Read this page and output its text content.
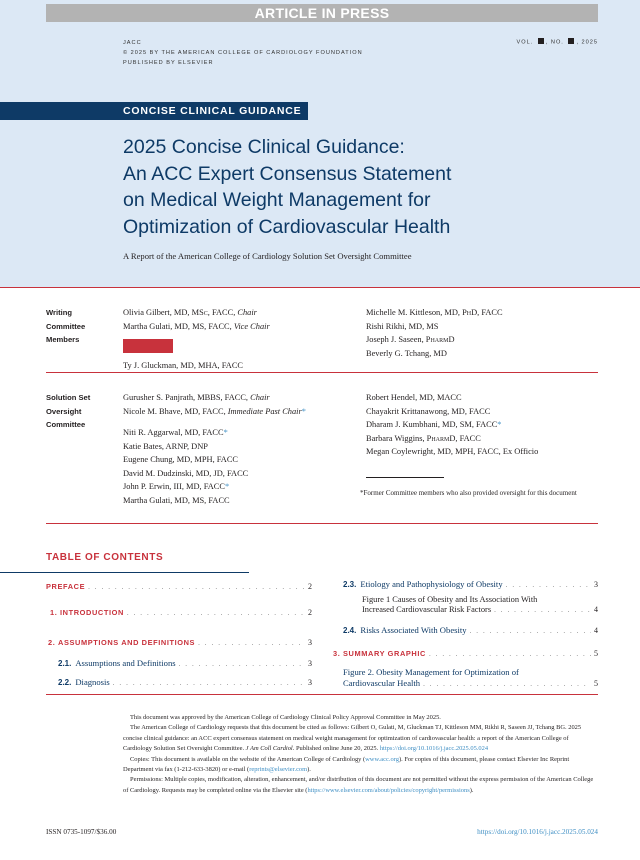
ARTICLE IN PRESS
JACC
© 2025 BY THE AMERICAN COLLEGE OF CARDIOLOGY FOUNDATION
PUBLISHED BY ELSEVIER
VOL. , NO. , 2025
CONCISE CLINICAL GUIDANCE
2025 Concise Clinical Guidance:
An ACC Expert Consensus Statement
on Medical Weight Management for
Optimization of Cardiovascular Health
A Report of the American College of Cardiology Solution Set Oversight Committee
Writing
Committee
Members
Olivia Gilbert, MD, MSc, FACC, Chair
Martha Gulati, MD, MS, FACC, Vice Chair
Ty J. Gluckman, MD, MHA, FACC
Michelle M. Kittleson, MD, PhD, FACC
Rishi Rikhi, MD, MS
Joseph J. Saseen, PharmD
Beverly G. Tchang, MD
Solution Set
Oversight
Committee
Gurusher S. Panjrath, MBBS, FACC, Chair
Nicole M. Bhave, MD, FACC, Immediate Past Chair*
Niti R. Aggarwal, MD, FACC*
Katie Bates, ARNP, DNP
Eugene Chung, MD, MPH, FACC
David M. Dudzinski, MD, JD, FACC
John P. Erwin, III, MD, FACC*
Martha Gulati, MD, MS, FACC
Robert Hendel, MD, MACC
Chayakrit Krittanawong, MD, FACC
Dharam J. Kumbhani, MD, SM, FACC*
Barbara Wiggins, PharmD, FACC
Megan Coylewright, MD, MPH, FACC, Ex Officio
*Former Committee members who also provided oversight for this document
TABLE OF CONTENTS
PREFACE . . .	2
1. INTRODUCTION . . .	2
2. ASSUMPTIONS AND DEFINITIONS . . .	3
2.1. Assumptions and Definitions . . .	3
2.2. Diagnosis . . .	3
2.3. Etiology and Pathophysiology of Obesity . . .	3
Figure 1 Causes of Obesity and Its Association With
Increased Cardiovascular Risk Factors . . .	4
2.4. Risks Associated With Obesity . . .	4
3. SUMMARY GRAPHIC . . .	5
Figure 2. Obesity Management for Optimization of
Cardiovascular Health . . .	5

This document was approved by the American College of Cardiology Clinical Policy Approval Committee in May 2025.

The American College of Cardiology requests that this document be cited as follows: Gilbert O, Gulati, M, Gluckman TJ, Kittleson MM, Rikhi R, Saseen JJ, Tchang BG. 2025 concise clinical guidance: an ACC expert consensus statement on medical weight management for optimization of cardiovascular health: a report of the American College of Cardiology Solution Set Oversight Committee. J Am Coll Cardiol. Published online June 20, 2025. https://doi.org/10.1016/j.jacc.2025.05.024

Copies: This document is available on the website of the American College of Cardiology (www.acc.org). For copies of this document, please contact Elsevier Inc Reprint Department via fax (1-212-633-3820) or e-mail (reprints@elsevier.com).

Permissions: Multiple copies, modification, alteration, enhancement, and/or distribution of this document are not permitted without the express permission of the American College of Cardiology. Requests may be completed online via the Elsevier site (https://www.elsevier.com/about/policies/copyright/permissions).

ISSN 0735-1097/$36.00	https://doi.org/10.1016/j.jacc.2025.05.024
